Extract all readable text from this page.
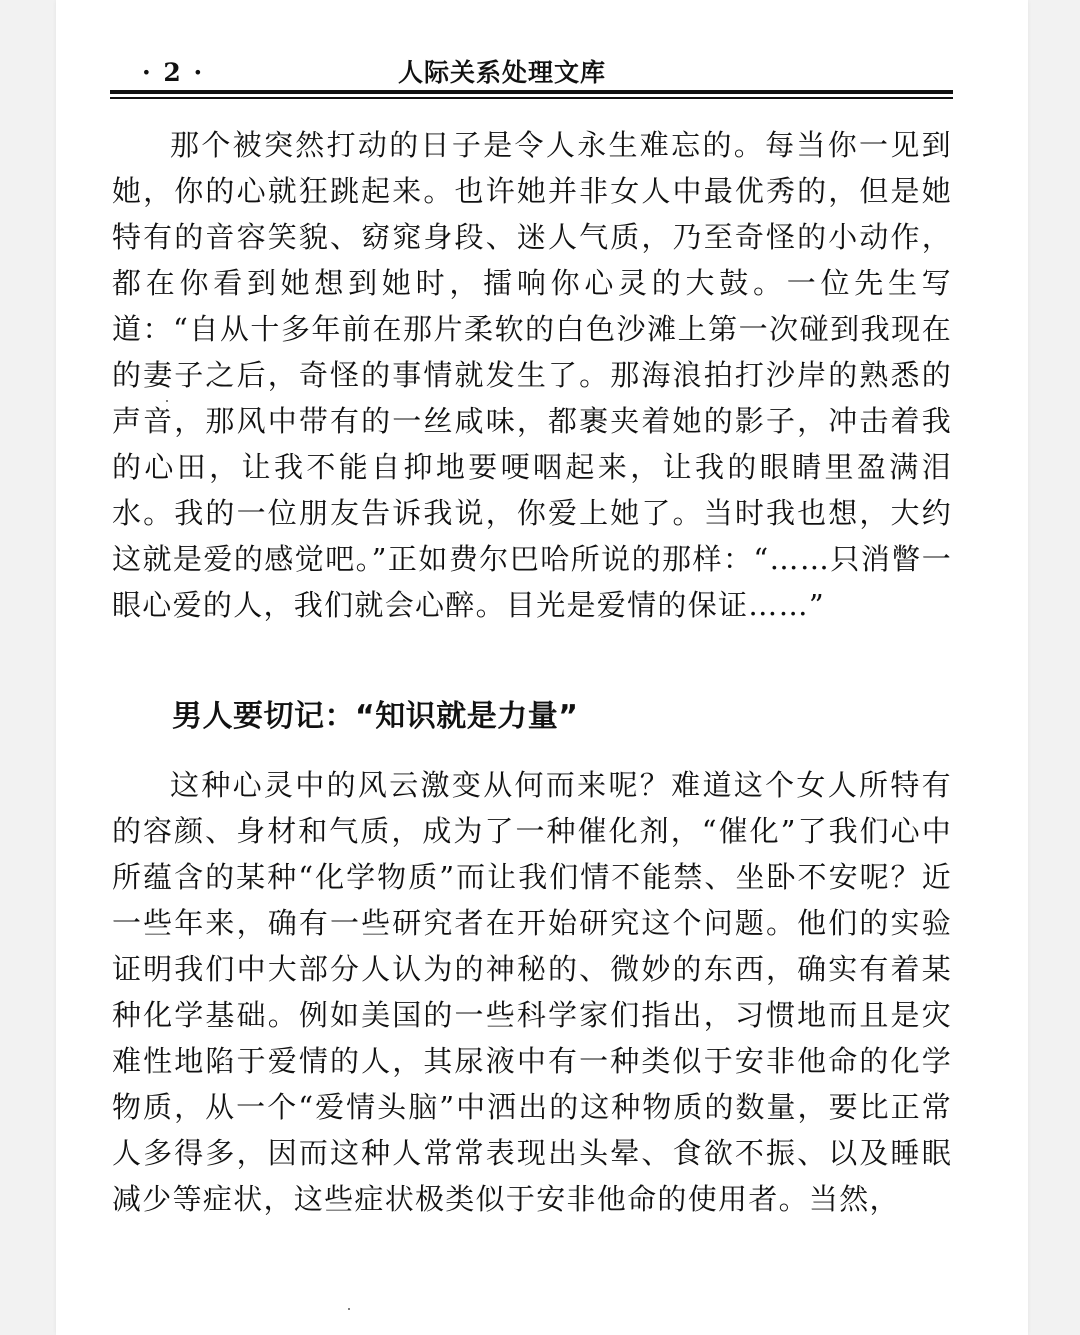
· 2 ·	人际关系处理文库

那个被突然打动的日子是令人永生难忘的。每当你一见到她，你的心就狂跳起来。也许她并非女人中最优秀的，但是她特有的音容笑貌、窈窕身段、迷人气质，乃至奇怪的小动作，都在你看到她想到她时，擂响你心灵的大鼓。一位先生写道：“自从十多年前在那片柔软的白色沙滩上第一次碰到我现在的妻子之后，奇怪的事情就发生了。那海浪拍打沙岸的熟悉的声音，那风中带有的一丝咸味，都裹夹着她的影子，冲击着我的心田，让我不能自抑地要哽咽起来，让我的眼睛里盈满泪水。我的一位朋友告诉我说，你爱上她了。当时我也想，大约这就是爱的感觉吧。”正如费尔巴哈所说的那样：“……只消瞥一眼心爱的人，我们就会心醉。目光是爱情的保证……”

男人要切记：“知识就是力量”

这种心灵中的风云激变从何而来呢？难道这个女人所特有的容颜、身材和气质，成为了一种催化剂，“催化”了我们心中所蕴含的某种“化学物质”而让我们情不能禁、坐卧不安呢？近一些年来，确有一些研究者在开始研究这个问题。他们的实验证明我们中大部分人认为的神秘的、微妙的东西，确实有着某种化学基础。例如美国的一些科学家们指出，习惯地而且是灾难性地陷于爱情的人，其尿液中有一种类似于安非他命的化学物质，从一个“爱情头脑”中洒出的这种物质的数量，要比正常人多得多，因而这种人常常表现出头晕、食欲不振、以及睡眠减少等症状，这些症状极类似于安非他命的使用者。当然，
